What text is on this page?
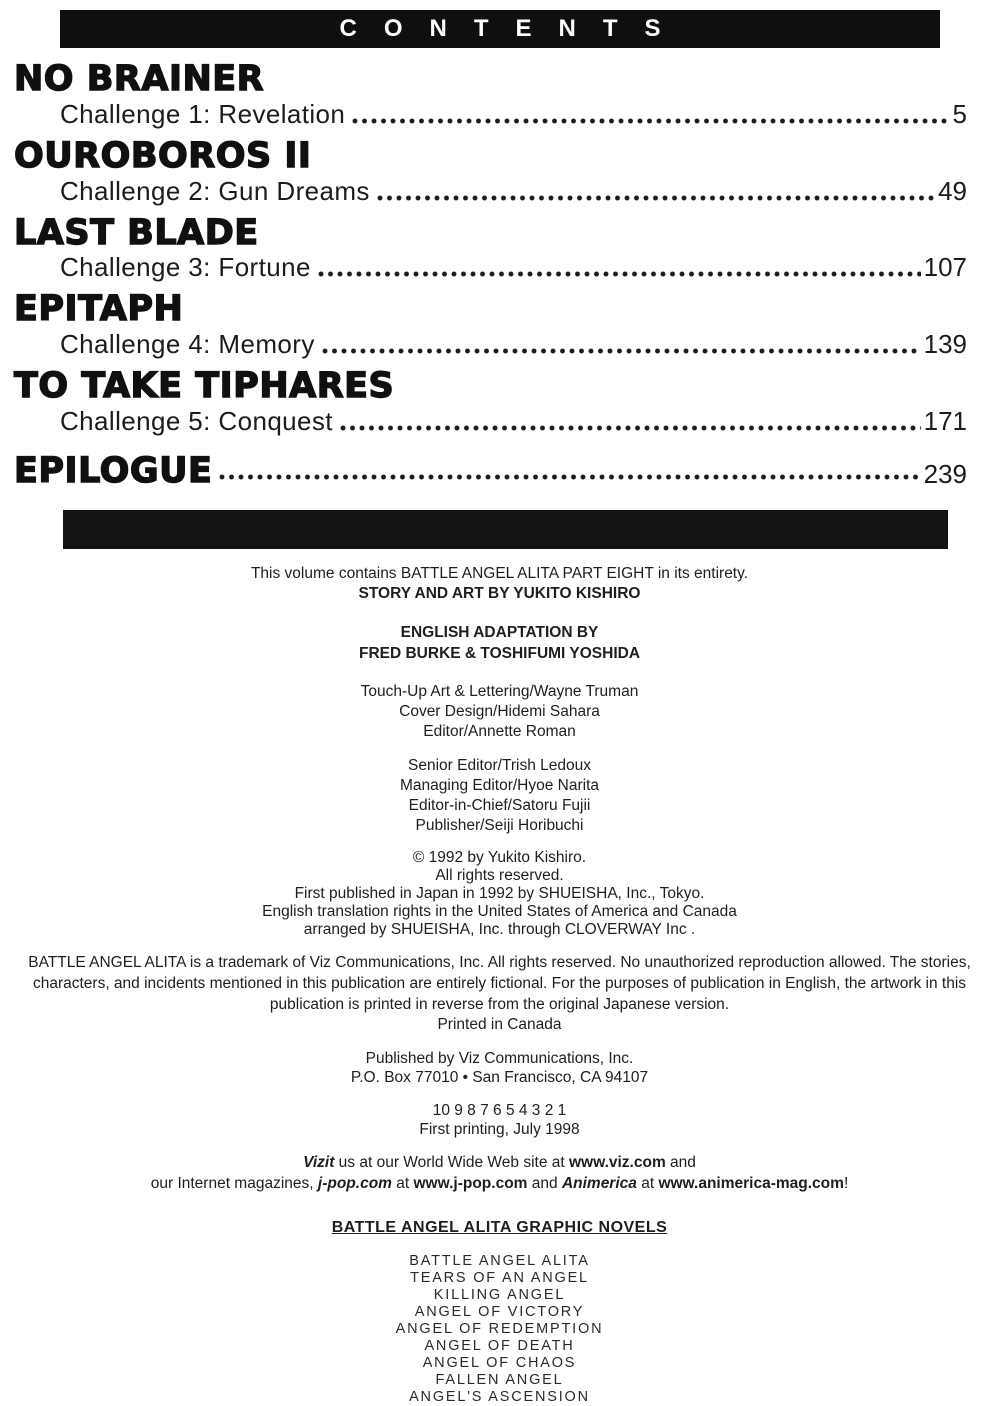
CONTENTS
NO BRAINER
Challenge 1: Revelation	5
OUROBOROS II
Challenge 2: Gun Dreams	49
LAST BLADE
Challenge 3: Fortune	107
EPITAPH
Challenge 4: Memory	139
TO TAKE TIPHARES
Challenge 5: Conquest	171
EPILOGUE	239

This volume contains BATTLE ANGEL ALITA PART EIGHT in its entirety.

STORY AND ART BY YUKITO KISHIRO

ENGLISH ADAPTATION BY

FRED BURKE & TOSHIFUMI YOSHIDA

Touch-Up Art & Lettering/Wayne Truman

Cover Design/Hidemi Sahara

Editor/Annette Roman

Senior Editor/Trish Ledoux

Managing Editor/Hyoe Narita

Editor-in-Chief/Satoru Fujii

Publisher/Seiji Horibuchi

© 1992 by Yukito Kishiro.

All rights reserved.

First published in Japan in 1992 by SHUEISHA, Inc., Tokyo.

English translation rights in the United States of America and Canada

arranged by SHUEISHA, Inc. through CLOVERWAY Inc .

BATTLE ANGEL ALITA is a trademark of Viz Communications, Inc. All rights reserved. No unauthorized reproduction allowed. The stories, characters, and incidents mentioned in this publication are entirely fictional. For the purposes of publication in English, the artwork in this publication is printed in reverse from the original Japanese version.

Printed in Canada

Published by Viz Communications, Inc.

P.O. Box 77010 • San Francisco, CA 94107

10 9 8 7 6 5 4 3 2 1

First printing, July 1998

Vizit us at our World Wide Web site at www.viz.com and

our Internet magazines, j-pop.com at www.j-pop.com and Animerica at www.animerica-mag.com!

BATTLE ANGEL ALITA GRAPHIC NOVELS

BATTLE ANGEL ALITA

TEARS OF AN ANGEL

KILLING ANGEL

ANGEL OF VICTORY

ANGEL OF REDEMPTION

ANGEL OF DEATH

ANGEL OF CHAOS

FALLEN ANGEL

ANGEL'S ASCENSION
